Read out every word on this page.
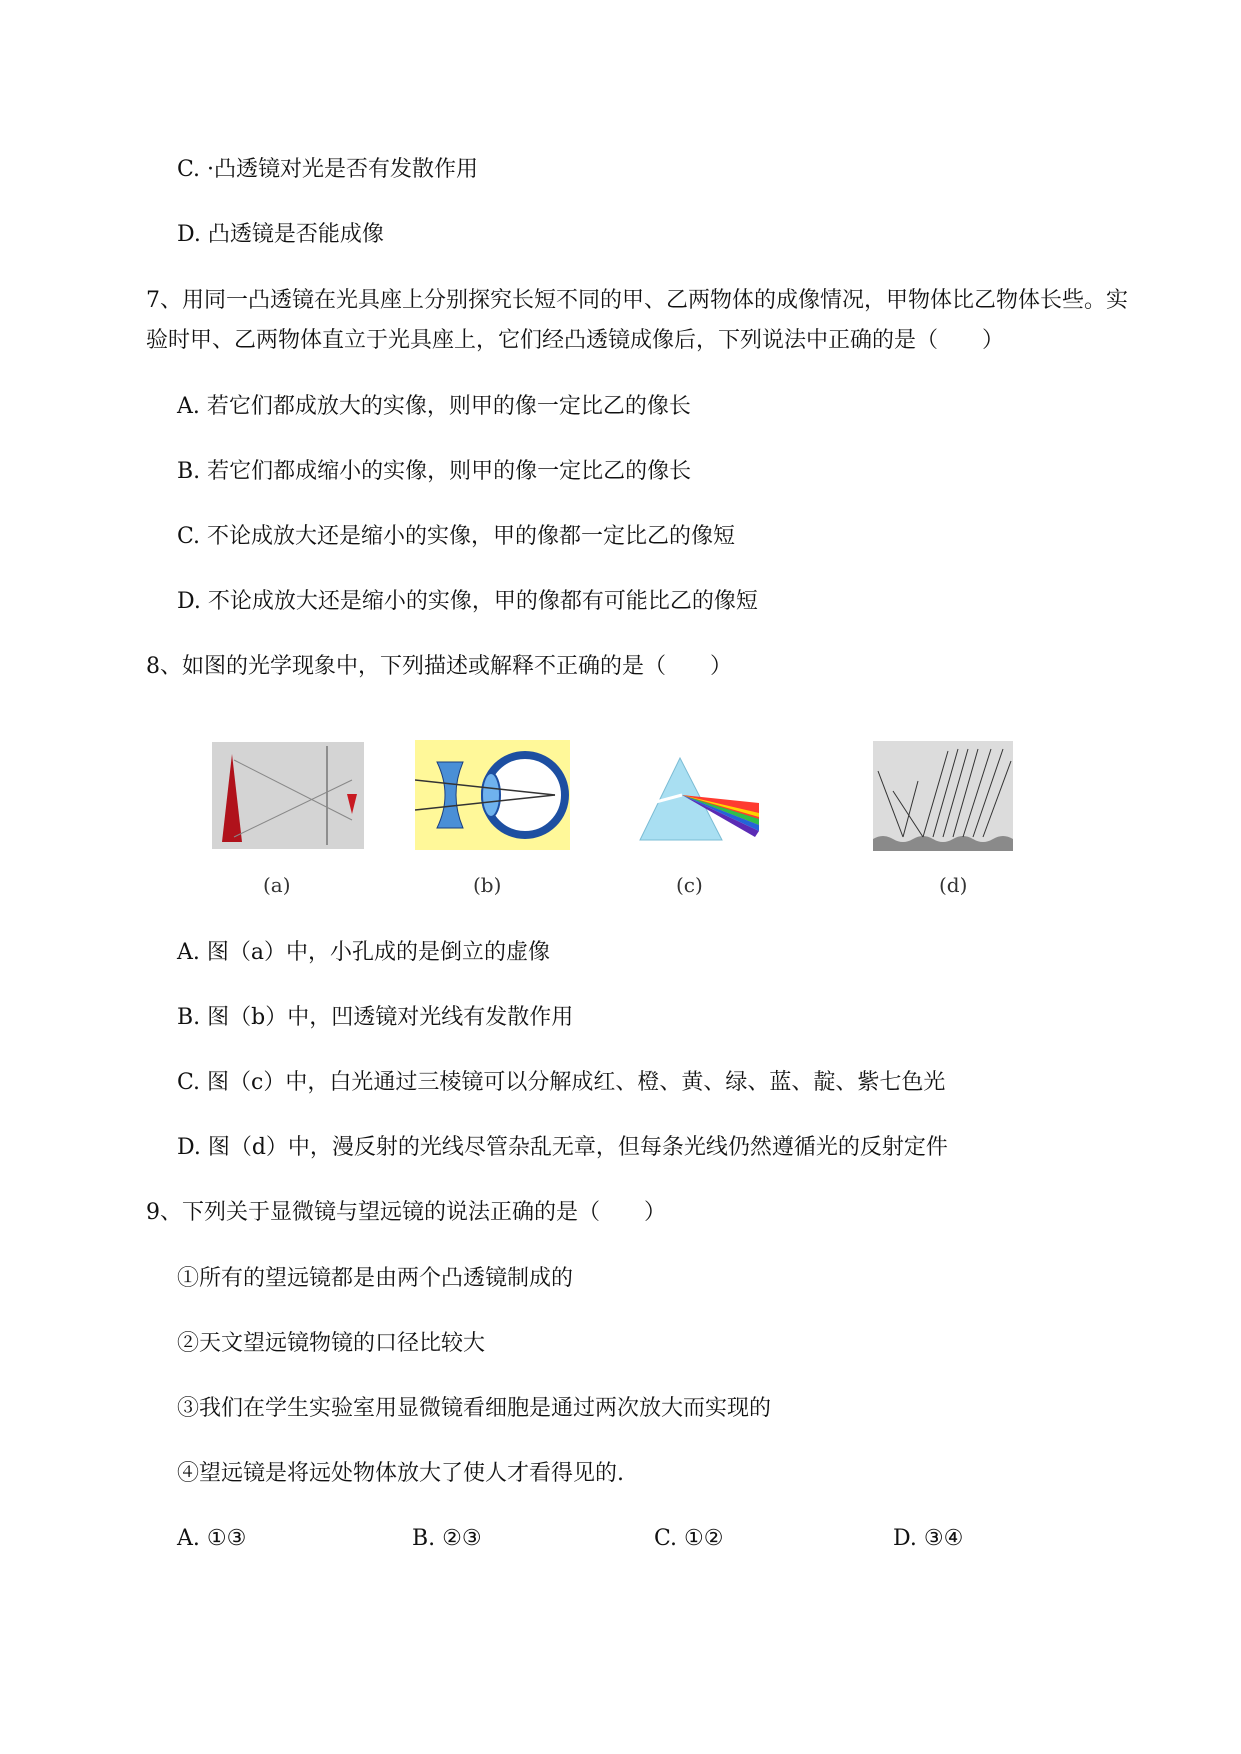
C. ·凸透镜对光是否有发散作用
D. 凸透镜是否能成像
7、用同一凸透镜在光具座上分别探究长短不同的甲、乙两物体的成像情况，甲物体比乙物体长些。实
验时甲、乙两物体直立于光具座上，它们经凸透镜成像后，下列说法中正确的是（　　）
A. 若它们都成放大的实像，则甲的像一定比乙的像长
B. 若它们都成缩小的实像，则甲的像一定比乙的像长
C. 不论成放大还是缩小的实像，甲的像都一定比乙的像短
D. 不论成放大还是缩小的实像，甲的像都有可能比乙的像短
8、如图的光学现象中，下列描述或解释不正确的是（　　）
(a)	(b)	(c)	(d)
A. 图（a）中，小孔成的是倒立的虚像
B. 图（b）中，凹透镜对光线有发散作用
C. 图（c）中，白光通过三棱镜可以分解成红、橙、黄、绿、蓝、靛、紫七色光
D. 图（d）中，漫反射的光线尽管杂乱无章，但每条光线仍然遵循光的反射定件
9、下列关于显微镜与望远镜的说法正确的是（　　）
①所有的望远镜都是由两个凸透镜制成的
②天文望远镜物镜的口径比较大
③我们在学生实验室用显微镜看细胞是通过两次放大而实现的
④望远镜是将远处物体放大了使人才看得见的.
A. ①③	B. ②③	C. ①②	D. ③④
